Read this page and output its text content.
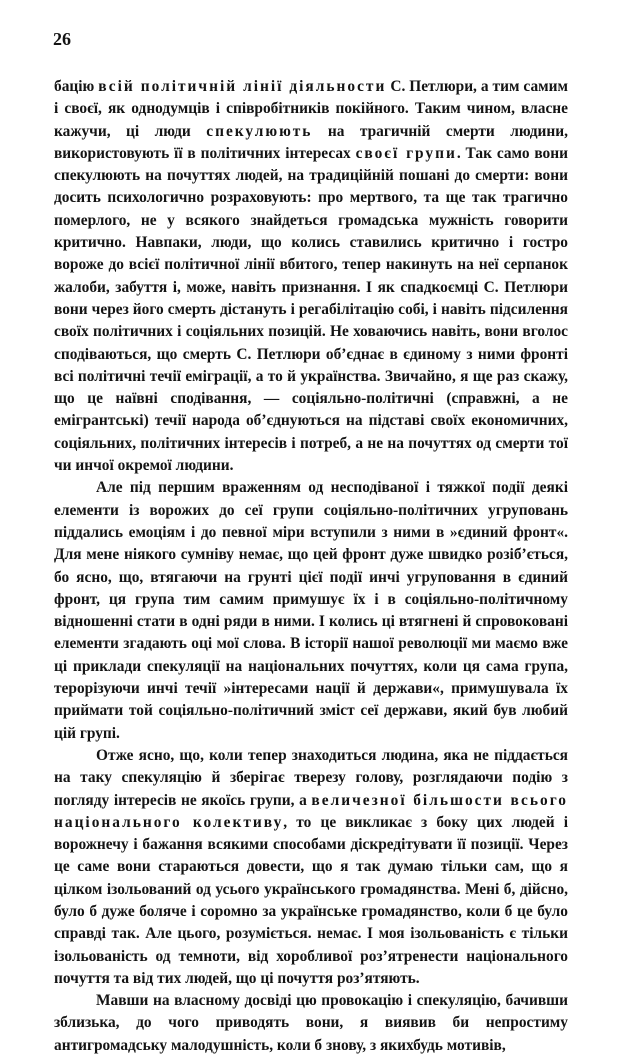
26

бацію всій політичній лінії діяльности С. Петлюри, а тим самим і своєї, як однодумців і співробітників покійного. Таким чином, власне кажучи, ці люди спекулюють на трагичній смерти людини, використовують її в політичних інтересах своєї групи. Так само вони спекулюють на почуттях людей, на традиційній пошані до смерти: вони досить психологично розраховують: про мертвого, та ще так трагично померлого, не у всякого знайдеться громадська мужність говорити критично. Навпаки, люди, що колись ставились критично і гостро вороже до всієї політичної лінії вбитого, тепер накинуть на неї серпанок жалоби, забуття і, може, навіть признання. І як спадкоємці С. Петлюри вони через його смерть дістануть і регабілітацію собі, і навіть підсилення своїх політичних і соціяльних позицій. Не ховаючись навіть, вони вголос сподіваються, що смерть С. Петлюри об’єднає в єдиному з ними фронті всі політичні течії еміграції, а то й українства. Звичайно, я ще раз скажу, що це наївні сподівання, — соціяльно-політичні (справжні, а не емігрантські) течії народа об’єднуються на підставі своїх економичних, соціяльних, політичних інтересів і потреб, а не на почуттях од смерти тої чи инчої окремої людини.

Але під першим враженням од несподіваної і тяжкої події деякі елементи із ворожих до сеї групи соціяльно-політичних угруповань піддались емоціям і до певної міри вступили з ними в »єдиний фронт«. Для мене ніякого сумніву немає, що цей фронт дуже швидко розіб’ється, бо ясно, що, втягаючи на грунті цієї події инчі угруповання в єдиний фронт, ця група тим самим примушує їх і в соціяльно-політичному відношенні стати в одні ряди в ними. І колись ці втягнені й спровоковані елементи згадають оці мої слова. В історії нашої революції ми маємо вже ці приклади спекуляції на національних почуттях, коли ця сама група, терорізуючи инчі течії »інтересами нації й держави«, примушувала їх приймати той соціяльно-політичний зміст сеї держави, який був любий цій групі.

Отже ясно, що, коли тепер знаходиться людина, яка не піддається на таку спекуляцію й зберігає тверезу голову, розглядаючи подію з погляду інтересів не якоїсь групи, а величезної більшости всього національного колективу, то це викликає з боку цих людей і ворожнечу і бажання всякими способами діскредітувати її позиції. Через це саме вони стараються довести, що я так думаю тільки сам, що я цілком ізольований од усього українського громадянства. Мені б, дійсно, було б дуже боляче і соромно за українське громадянство, коли б це було справді так. Але цього, розуміється. немає. І моя ізольованість є тільки ізольованість од темноти, від хоробливої роз’ятренести національного почуття та від тих людей, що ці почуття роз’ятяють.

Мавши на власному досвіді цю провокацію і спекуляцію, бачивши зблизька, до чого приводять вони, я виявив би непростиму антигромадську малодушність, коли б знову, з якихбудь мотивів,
